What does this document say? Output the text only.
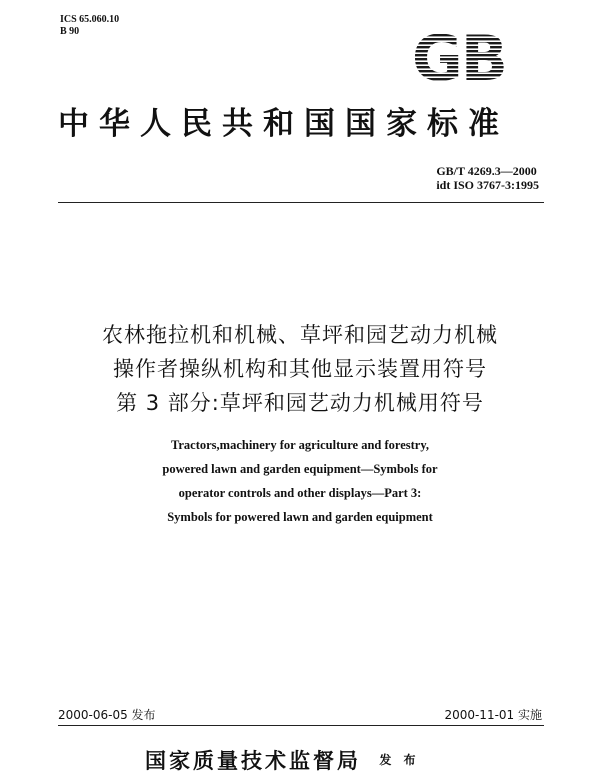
ICS 65.060.10
B 90	GB
中华人民共和国国家标准
GB/T 4269.3—2000
idt ISO 3767-3:1995
农林拖拉机和机械、草坪和园艺动力机械
操作者操纵机构和其他显示装置用符号
第 3 部分:草坪和园艺动力机械用符号
Tractors,machinery for agriculture and forestry,
powered lawn and garden equipment—Symbols for
operator controls and other displays—Part 3:
Symbols for powered lawn and garden equipment
2000-06-05 发布	2000-11-01 实施
国家质量技术监督局 发 布
